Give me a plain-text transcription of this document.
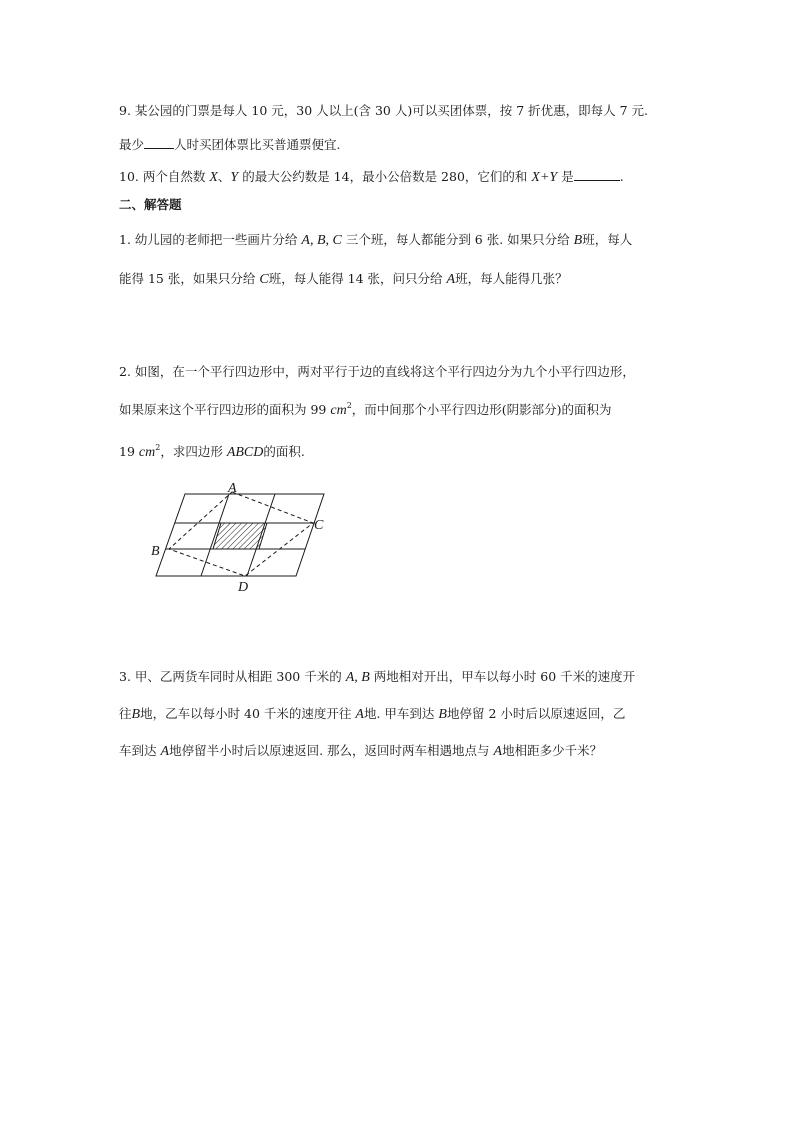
9. 某公园的门票是每人 10 元，30 人以上(含 30 人)可以买团体票，按 7 折优惠，即每人 7 元.
最少 人时买团体票比买普通票便宜.
10. 两个自然数 X、Y 的最大公约数是 14，最小公倍数是 280，它们的和 X+Y 是	.
二、解答题
1. 幼儿园的老师把一些画片分给 A, B, C 三个班，每人都能分到 6 张. 如果只分给 B班，每人
能得 15 张，如果只分给 C班，每人能得 14 张，问只分给 A班，每人能得几张？
2. 如图，在一个平行四边形中，两对平行于边的直线将这个平行四边分为九个小平行四边形，
如果原来这个平行四边形的面积为 99 $cm^2$，而中间那个小平行四边形(阴影部分)的面积为
19 $cm^2$，求四边形 ABCD的面积.
A
B
C
D
3. 甲、乙两货车同时从相距 300 千米的 A, B 两地相对开出，甲车以每小时 60 千米的速度开
往B地，乙车以每小时 40 千米的速度开往 A地. 甲车到达 B地停留 2 小时后以原速返回，乙
车到达 A地停留半小时后以原速返回. 那么，返回时两车相遇地点与 A地相距多少千米？
